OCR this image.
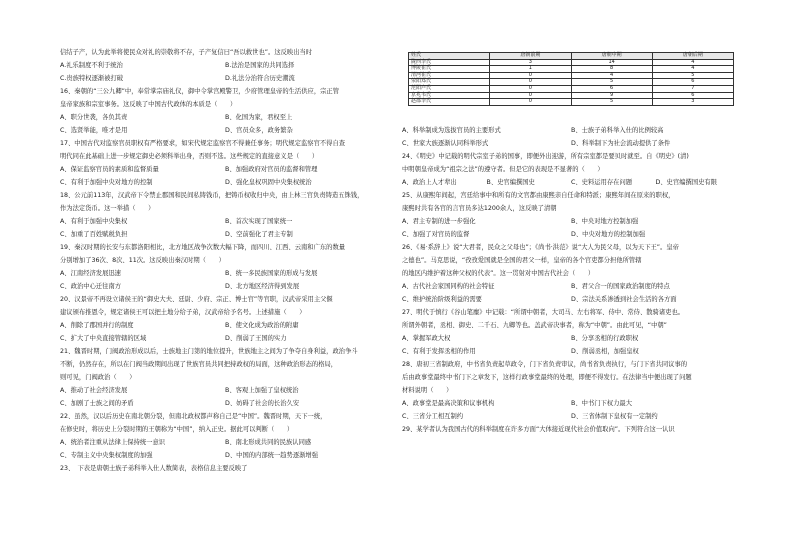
姓氏	唐朝前期	唐朝中期	唐朝后期
陇西李氏	3	14	4
博陵崔氏	1	8	4
清河崔氏	0	4	5
荥阳郑氏	0	5	6
范阳卢氏	0	6	7
京兆韦氏	0	9	6
赵郡李氏	0	5	3
信结子产，认为此举将使民众对礼的崇敬将不存，子产复信曰“吾以救世也”。这反映出当时
A.礼乐制度不利于统治	B.法治是国家的共同选择
C.贵族特权逐渐被打破	D.礼法分治符合历史潮流
16、秦朝的“三公九卿”中，奉常掌宗庙礼仪，御中令掌宫殿警卫，少府管理皇帝的生活供应，宗正管
皇帝家族和宗室事务。这反映了中国古代政体的本质是（　　）
A、职分世袭，各负其责	B、化国为家，君权至上
C、选贤举能，唯才是用	D、官员众多，政务繁杂
17、中国古代对监察官员职权有严格要求，如宋代规定监察官不得兼任事务；明代规定监察官不得自查
明代同在此基础上进一步规定御史必须科举出身，否则不选。这些规定的直接意义是（　　）
A、保证监察官员的素质和监督质量	B、加强政府对官员的监督和管理
C、有利于加强中央对地方的控制	D、强化皇权巩固中央集权统治
18、公元前113年，汉武帝下令禁止郡国和民间私铸钱币，把铸币权收归中央，由上林三官负责铸造五铢钱，
作为法定货币。这一举措（　　）
A、有利于加强中央集权	B、首次实现了国家统一
C、加重了百姓赋税负担	D、空前强化了君主专制
19、秦汉时期的长安与东都洛阳相比，北方地区战争次数大幅下降，而四川、江西、云南和广东的数量
分别增加了36次、8次、11次。这反映出秦汉时期（　　）
A、江南经济发展迅速	B、统一多民族国家的形成与发展
C、政治中心迁往南方	D、北方地区经济得到发展
20、汉景帝不再设立诸侯王的“御史大夫、廷尉、少府、宗正、博士官”等官职，汉武帝采用主父偃
建议颁布推恩令，规定诸侯王可以把土地分给子弟，汉武帝给予名号。上述措施（　　）
A、削除了郡国并行的制度	B、使文化成为政治的附庸
C、扩大了中央直接管辖的区域	D、削弱了王国的实力
21、魏晋时期，门阀政治形成以后，士族地主门第的地位提升，世族地主之间为了争夺自身利益，政治争斗
不断，仍然存在，所以在门阀当政期间出现了世族官员共同把持政权的局面，这种政治形态的格局，
则可见，门阀政治（　　）
A、推动了社会经济发展	B、客观上加强了皇权统治
C、加剧了士族之间的矛盾	D、妨碍了社会的长治久安
22、虽然，汉以后历史在南北朝分裂，但南北政权都声称自己是“中国”。魏晋时期，天下一统，
在修史时，将历史上分裂时期的王朝称为“中国”，纳入正史。据此可以判断（　　）
A、统治者注重从法律上保持统一意识	B、南北形成共同的民族认同感
C、专制主义中央集权制度的加强	D、中国的内部统一趋势逐渐增强
23、　下表是唐朝士族子弟科举入仕人数简表，表格信息主要反映了
A、科举制成为选拔官员的主要形式	B、士族子弟科举入仕的比例较高
C、世家大族逐渐认同科举形式	D、科举制下为社会流动提供了条件
24、《明史》中记载的明代宗室子弟的国事，即便外出迎游，所有宗室都是要贝时就至。自《明史》(清)
中明朝皇帝成为“祖宗之法”的遵守者。但是它的表现是不显著的（　　）
A、政治上人才辈出	B、史官编撰国史	C、史料运用存在问题	D、史官编撰国史有限
25、从康熙年间起，宫廷给事中和所有的文官都由康熙亲自任命和特派；康熙年间在原来的职权，
康熙时共有各官的言官员多达1200余人，这反映了清朝
A、君主专制的进一步强化	B、中央对地方控制加强
C、加强了对官员的监督	D、中央对地方的控制加强
26、《易·系辞上》说“大君者，民众之父母也”；《尚书·洪范》说“大人为民父母，以为天下王”。皇帝
之德也”。马克思说，“孜孜爱国就是全国的君父一样，皇帝的各个官吏都分担他所管辖
的地区内维护着这种父权的代表”。这一贯射对中国古代社会（　　）
A、古代社会家国同构的社会特征	B、君父合一的国家政治制度的特点
C、维护统治阶级利益的需要	D、宗法关系渗透到社会生活的各方面
27、明代于慎行《谷山笔麈》中记载：“所谓中朝者，大司马、左右将军、侍中、常侍、散骑诸吏也。
所谓外朝者，丞相、御史、二千石、九卿等也。盖武帝决事者，称为“中朝”。由此可见，“中朝”
A、掌握军政大权	B、分享丞相的行政职权
C、有利于发挥丞相的作用	D、削弱丞相，加强皇权
28、唐初三省制政府，中书省负责起草政令，门下省负责审议，尚书省负责执行，与门下省共同议事的
后由政事堂最终中书门下之章发下，这样行政事堂最终的处理，即便不得发行。在法律当中便出现了问题
材料说明（　　）
A、政事堂是最高决策和议事机构	B、中书门下权力最大
C、三省分工相互制约	D、三省体制下皇权有一定制约
29、某学者认为我国古代的科举制度在许多方面“大体接近现代社会价值取向”。下列符合这一认识
